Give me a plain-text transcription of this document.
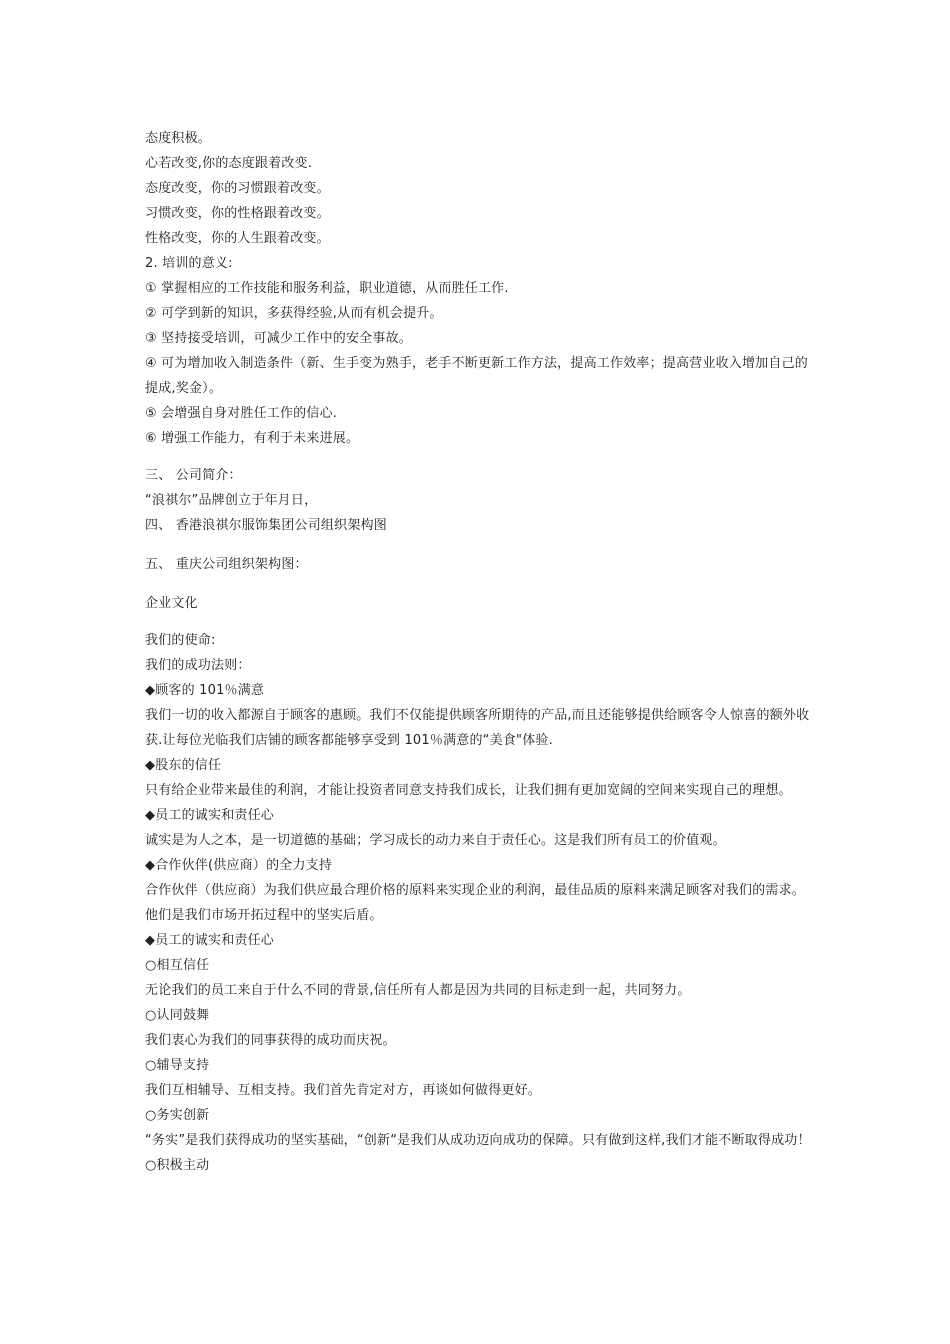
态度积极。
心若改变,你的态度跟着改变.
态度改变，你的习惯跟着改变。
习惯改变，你的性格跟着改变。
性格改变，你的人生跟着改变。
2. 培训的意义:
① 掌握相应的工作技能和服务利益，职业道德，从而胜任工作.
② 可学到新的知识，多获得经验,从而有机会提升。
③ 坚持接受培训，可减少工作中的安全事故。
④ 可为增加收入制造条件（新、生手变为熟手，老手不断更新工作方法，提高工作效率；提高营业收入增加自己的提成,奖金）。
⑤ 会增强自身对胜任工作的信心.
⑥ 增强工作能力，有利于未来进展。
三、 公司简介：
“浪祺尔”品牌创立于年月日，
四、 香港浪祺尔服饰集团公司组织架构图
五、 重庆公司组织架构图：
企业文化
我们的使命:
我们的成功法则：
◆顾客的 101％满意
我们一切的收入都源自于顾客的惠顾。我们不仅能提供顾客所期待的产品,而且还能够提供给顾客令人惊喜的额外收获.让每位光临我们店铺的顾客都能够享受到 101％满意的“美食"体验.
◆股东的信任
只有给企业带来最佳的利润，才能让投资者同意支持我们成长，让我们拥有更加宽阔的空间来实现自己的理想。
◆员工的诚实和责任心
诚实是为人之本，是一切道德的基础；学习成长的动力来自于责任心。这是我们所有员工的价值观。
◆合作伙伴(供应商）的全力支持
合作伙伴（供应商）为我们供应最合理价格的原料来实现企业的利润，最佳品质的原料来满足顾客对我们的需求。他们是我们市场开拓过程中的坚实后盾。
◆员工的诚实和责任心
○相互信任
无论我们的员工来自于什么不同的背景,信任所有人都是因为共同的目标走到一起，共同努力。
○认同鼓舞
我们衷心为我们的同事获得的成功而庆祝。
○辅导支持
我们互相辅导、互相支持。我们首先肯定对方，再谈如何做得更好。
○务实创新
“务实”是我们获得成功的坚实基础，“创新“是我们从成功迈向成功的保障。只有做到这样,我们才能不断取得成功！
○积极主动
